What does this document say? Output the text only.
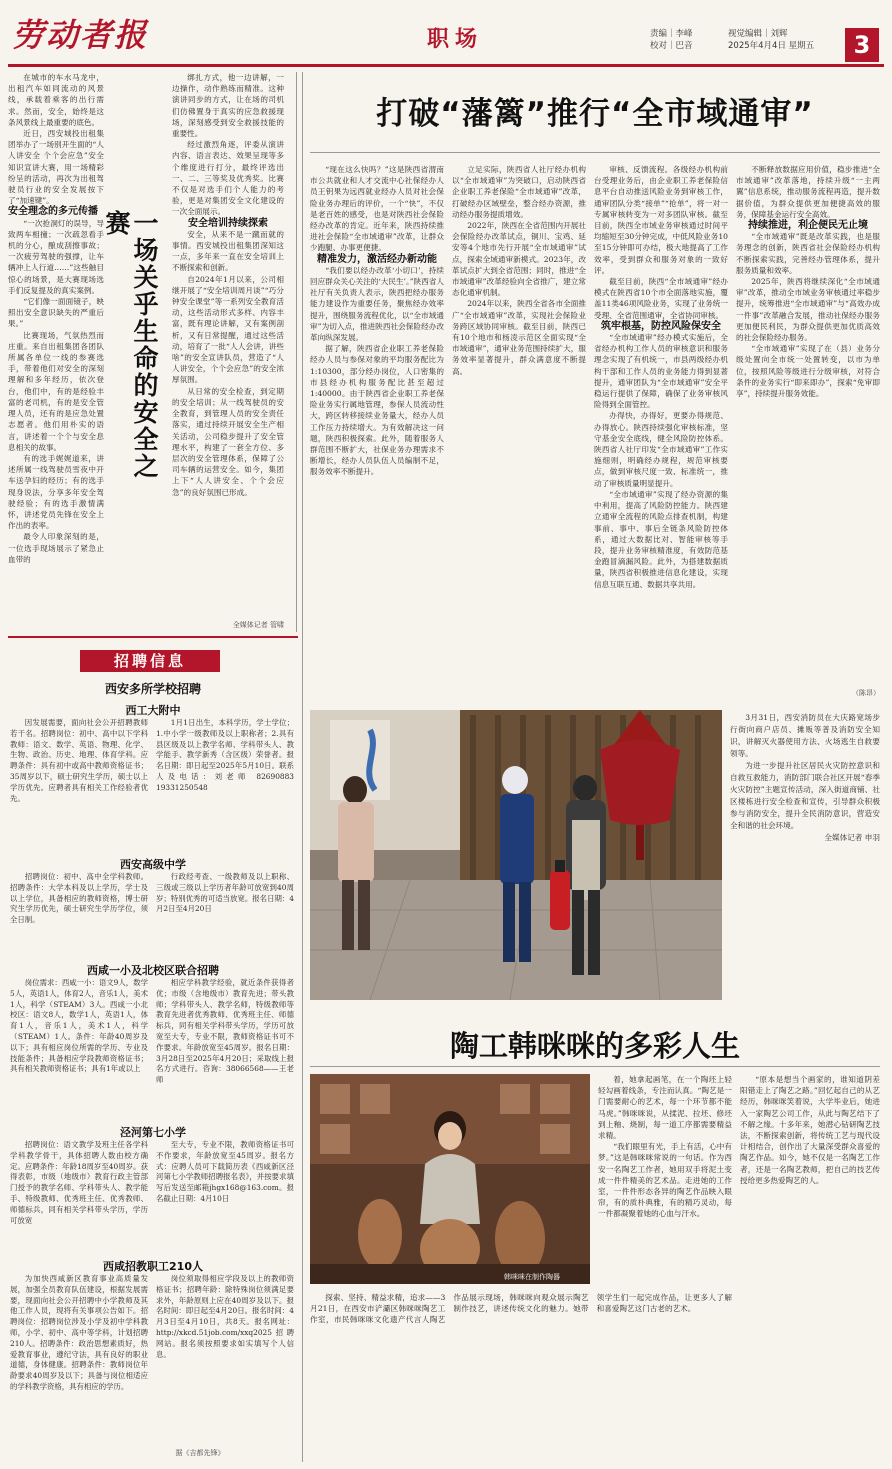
劳动者报	职场	责编｜李峰
校对｜巴音
视觉编辑｜刘辉
2025年4月4日 星期五	3

在城市的车水马龙中，出租汽车如同流动的风景线，承载着乘客的出行需求。然而，安全，始终是这条风景线上最重要的底色。

近日，西安城投出租集团举办了一场别开生面的“人人讲安全 个个会应急”安全知识宣讲大赛，用一场精彩纷呈的活动，再次为出租驾驶员行业的安全发展按下了“加速键”。

安全理念的多元传播

“一次抢洞灯的误导，导致两车相撞；一次疏忽看手机的分心，酿成刮擦事故；一次疲劳驾驶的强撑，让车辆冲上人行道……”这些触目惊心的场景，是大赛现场选手们反复提及的真实案例。

“它们像一面面镜子，映照出安全意识缺失的严重后果。”

比赛现场，气氛热烈而庄重。来自出租集团各团队所属各单位一线的参赛选手，带着他们对安全的深刻理解和多年经历，依次登台，他们中，有的是经验丰富的老司机，有的是安全管理人员，还有的是应急处置志愿者。他们用朴实的语言，讲述着一个个与安全息息相关的故事。

有的选手娓娓道来，讲述所属一线驾驶员雪夜中开车送孕妇的经历；有的选手现身说法，分享多年安全驾驶经验；有的选手激情满怀，讲述党员先锋在安全上作出的表率。

最令人印象深刻的是，一位选手现场展示了紧急止血带的

一场关乎生命的安全之赛

绑扎方式，他一边讲解，一边操作，动作熟练而精准。这种演讲同步的方式，让在场的司机们仿佛置身于真实的应急救援现场，深刻感受到安全救援技能的重要性。

经过激烈角逐，评委从演讲内容、语言表达、效果呈现等多个维度进行打分，最终评选出一、二、三等奖及优秀奖。比赛不仅是对选手们个人能力的考验，更是对集团安全文化建设的一次全面展示。

安全培训持续探索

安全，从来不是一蹴而就的事情。西安城投出租集团深知这一点，多年来一直在安全培训上不断探索和创新。

自2024年1月以来，公司相继开展了“安全培训周月谈”“巧分钟安全课堂”等一系列安全教育活动，这些活动形式多样、内容丰富，既有理论讲解，又有案例剖析，又有日常提醒，通过这些活动，培育了一批“人人会讲，讲些啥”的安全宣讲队员，营造了“人人讲安全，个个会应急”的安全浓厚氛围。

从日常的安全检查，到定期的安全培训；从一线驾驶员的安全教育，到管理人员的安全责任落实，通过持续开展安全生产相关活动，公司稳步提升了安全管理水平，构建了一套全方位、多层次的安全管理体系，保障了公司车辆的运营安全。如今，集团上下“人人讲安全、个个会应急”的良好氛围已形成。

全媒体记者 管啸
招聘信息
西安多所学校招聘
西工大附中

因发展需要，面向社会公开招聘教师若干名。招聘岗位：初中、高中以下学科教师：语文、数学、英语、物理、化学、生物、政治、历史、地理、体育学科。应聘条件：具有初中或高中教师资格证书；35周岁以下，硕士研究生学历，硕士以上学历优先。应聘者具有相关工作经验者优先。

1月1日出生，本科学历，学士学位；1.中小学一级教师及以上职称者；2.具有县区级及以上教学名师、学科带头人、教学能手、教学新秀（含区级）荣誉者。报名日期：即日起至2025年5月10日。联系人及电话：刘老师 82690883 19331250548

西安高级中学

招聘岗位：初中、高中全学科教师。招聘条件：大学本科及以上学历，学士及以上学位，具备相应的教师资格，博士研究生学历优先，硕士研究生学历学位，须全日制。

行政经考查、一级教师及以上职称、三级或三级以上学历者年龄可放宽到40周岁；特别优秀的可适当放宽。报名日期：4月2日至4月20日

西咸一小及北校区联合招聘

岗位需求：西咸一小：语文9人，数学5人，英语1人，体育2人，音乐1人，美术1人，科学（STEAM）3人。西咸一小北校区：语文8人，数学1人，英语1人，体育1人，音乐1人，美术1人，科学（STEAM）1人。条件：年龄40周岁及以下；具有相应岗位所需的学历、专业及技能条件；具备相应学段教师资格证书；具有相关教师资格证书；具有1年或以上

相应学科教学经验，就近条件获得者优；市级（含地级市）教育先进；带头教师；学科带头人、教学名师，特级教师等教育先进者优秀教师、优秀班主任、师德标兵，同有相关学科带头学历，学历可放宽至大专，专业不限，教师资格证书可不作要求。年龄放宽至45周岁。报名日期：3月28日至2025年4月20日；采取线上报名方式进行。咨询：38066568——王老师

泾河第七小学

招聘岗位：语文教学及班主任各学科学科教学骨干，具体招聘人数由校方确定。应聘条件：年龄18周岁至40周岁。获得表彰，市级（地级市）教育行政主管部门授予的教学名师、学科带头人、教学能手、特级教师、优秀班主任、优秀教师、师德标兵，同有相关学科带头学历，学历可放宽

至大专，专业不限，教师资格证书可不作要求，年龄放宽至45周岁。报名方式：应聘人员可下载简历表《西咸新区泾河第七小学教师招聘报名表》，并按要求填写后发送至邮箱jhgx168@163.com。报名截止日期：4月10日

西咸招教职工210人

为加快西咸新区教育事业高质量发展，加强全员教育队伍建设，根据发展需要，现面向社会公开招聘中小学教师及其他工作人员，现将有关事项公告如下。招聘岗位：招聘岗位涉及小学及初中学科教师，小学、初中、高中等学科，计划招聘210人。招聘条件：政治思想素质好，热爱教育事业，遵纪守法，具有良好的职业道德，身体健康。招聘条件：教师岗位年龄要求40周岁及以下；具备与岗位相适应的学科教学资格，具有相应的学历。

岗位须取得相应学段及以上的教师资格证书；招聘年龄：除特殊岗位须满足要求外，年龄原则上应在40周岁及以下。报名时间：即日起至4月20日。报名时间：4月3日至4月10日，共8天。报名网址：http://xkcd.51job.com/xxq2025招聘网站。报名须按照要求如实填写个人信息。

据《吉都先锋》
打破“藩篱”推行“全市域通审”

“现在这么快吗？”这是陕西省渭南市公共就业和人才交流中心社保经办人员王钥果为远西就业经办人员对社会保险业务办理后的评价，一个“快”，不仅是老百姓的感受，也是对陕西社会保险经办改革的肯定。近年来，陕西持续推进社会保险“全市域通审”改革，让群众少跑腿、办事更便捷。

精准发力，激活经办新动能

“我们要以经办改革‘小切口’，持续回应群众关心关注的‘大民生’。”陕西省人社厅有关负责人表示，陕西把经办服务能力建设作为重要任务，聚焦经办效率提升，围绕服务流程优化，以“全市域通审”为切入点，推进陕西社会保险经办改革向纵深发展。

据了解，陕西省企业职工养老保险经办人员与参保对象的平均服务配比为1:10300，部分经办岗位，人口密集的市县经办机构服务配比甚至超过1:40000。由于陕西省企业职工养老保险业务实行属地管理，参保人员流动性大，跨区转移接续业务量大，经办人员工作压力持续增大。为有效解决这一问题，陕西积极探索。此外，随着服务人群范围不断扩大，社保业务办理需求不断增长，经办人员队伍人员编制不足，服务效率不断提升。

立足实际，陕西省人社厅经办机构以“全市域通审”为突破口，启动陕西省企业职工养老保险“全市域通审”改革，打破经办区域壁垒，整合经办资源，推动经办服务提质增效。

2022年，陕西在全省范围内开展社会保险经办改革试点，铜川、宝鸡、延安等4个地市先行开展“全市域通审”试点，探索全域通审新模式。2023年，改革试点扩大到全省范围；同时，推进“全市域通审”改革经验向全省推广，建立常态化通审机制。

2024年以来，陕西全省各市全面推广“全市域通审”改革，实现社会保险业务跨区域协同审核。截至目前，陕西已有10个地市和杨凌示范区全面实现“全市域通审”，通审业务范围持续扩大，服务效率显著提升，群众满意度不断提高。

审核、反馈流程。各级经办机构前台受理业务后，由企业职工养老保险信息平台自动推送风险业务到审核工作，通审团队分类“接单”“抢单”，将一对一专属审核转变为一对多团队审核。截至目前，陕西全市域业务审核通过时间平均缩短至30分钟完成，中低风险业务10至15分钟即可办结，极大地提高了工作效率，受到群众和服务对象的一致好评。

截至目前，陕西“全市域通审”经办模式在陕西省10个市全面落地实施，覆盖11类46项风险业务，实现了业务统一受理、全省范围通审，全省协同审核。

筑牢根基，防控风险保安全

“全市域通审”经办模式实施后，全省经办机构工作人员的审核意识和服务理念实现了有机统一，市县两级经办机构干部和工作人员的业务能力得到显著提升，通审团队为“全市域通审”安全平稳运行提供了保障，确保了业务审核风险得到全面管控。

办得快，办得好，更要办得规范、办得放心。陕西持续强化审核标准，坚守基金安全底线，健全风险防控体系。陕西省人社厅印发“全市域通审”工作实施细则，明确经办规程，规范审核要点，做到审核尺度一致、标准统一，推动了审核质量明显提升。

“全市域通审”实现了经办资源的集中利用，提高了风险防控能力。陕西建立通审全流程的风险点排查机制，构建事前、事中、事后全链条风险防控体系，通过大数据比对、智能审核等手段，提升业务审核精准度，有效防范基金跑冒滴漏风险。此外，为搭建数据质量，陕西省积极推进信息化建设，实现信息互联互通、数据共享共用。

不断释放数据应用价值，稳步推进“全市域通审”改革落地，持续升级“一主两翼”信息系统，推动服务流程再造，提升数据价值，为群众提供更加便捷高效的服务，保障基金运行安全高效。

持续推进，利企便民无止境

“全市域通审”既是改革实践，也是服务理念的创新，陕西省社会保险经办机构不断探索实践，完善经办管理体系，提升服务质量和效率。

2025年，陕西将继续深化“全市域通审”改革，推动全市域业务审核通过率稳步提升，统筹推进“全市域通审”与“高效办成一件事”改革融合发展，推动社保经办服务更加便民利民，为群众提供更加优质高效的社会保险经办服务。

“全市域通审”实现了在（县）业务分级处置向全市统一处置转变，以市为单位，按照风险等级进行分级审核，对符合条件的业务实行“即来即办”，探索“免审即享”，持续提升服务效能。

（陈昂）

3月31日，西安消防员在大庆路宽场步行街向商户店员、摊贩等普及消防安全知识，讲解灭火器使用方法、火场逃生自救要领等。

为进一步提升社区居民火灾防控意识和自救互救能力，消防部门联合社区开展“春季火灾防控”主题宣传活动，深入街道商铺、社区楼栋进行安全检查和宣传，引导群众积极参与消防安全，提升全民消防意识，营造安全和谐的社会环境。

全媒体记者 申羽

陶工韩咪咪的多彩人生
韩咪咪在制作陶器

着，她拿起画笔，在一个陶坯上轻轻勾画着线条，专注而认真。“陶艺是一门需要耐心的艺术，每一个环节都不能马虎。”韩咪咪说，从揉泥、拉坯、修坯到上釉、烧制，每一道工序都需要精益求精。

“我们眼里有光，手上有活，心中有梦。”这是韩咪咪常说的一句话。作为西安一名陶艺工作者，她用双手将泥土变成一件件精美的艺术品。走进她的工作室，一件件形态各异的陶艺作品映入眼帘，有的质朴典雅，有的精巧灵动，每一件都凝聚着她的心血与汗水。

“原本是想当个画家的，谁知道阴差阳错走上了陶艺之路。”回忆起自己的从艺经历，韩咪咪笑着说，大学毕业后，她进入一家陶艺公司工作，从此与陶艺结下了不解之缘。十多年来，她潜心钻研陶艺技法，不断探索创新，将传统工艺与现代设计相结合，创作出了大量深受群众喜爱的陶艺作品。如今，她不仅是一名陶艺工作者，还是一名陶艺教师，把自己的技艺传授给更多热爱陶艺的人。

探索、坚持、精益求精，追求——3月21日，在西安市浐灞区韩咪咪陶艺工作室，市民韩咪咪文化遗产代言人陶艺作品展示现场，韩咪咪向观众展示陶艺制作技艺，讲述传统文化的魅力。她带领学生们一起完成作品，让更多人了解和喜爱陶艺这门古老的艺术。
